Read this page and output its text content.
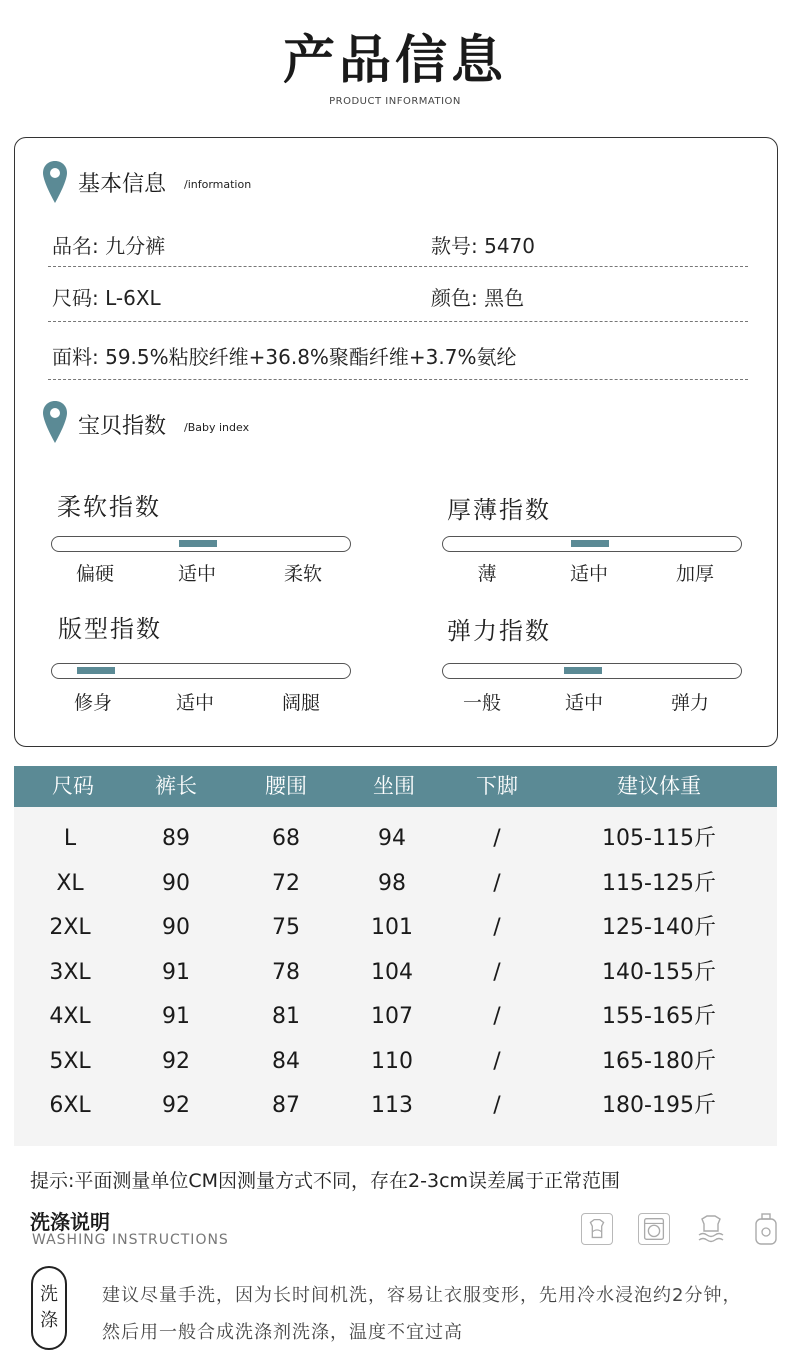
产品信息
PRODUCT INFORMATION
基本信息 /information
品名: 九分裤	款号: 5470
尺码: L-6XL	颜色: 黑色
面料: 59.5%粘胶纤维+36.8%聚酯纤维+3.7%氨纶
宝贝指数 /Baby index
柔软指数
偏硬	适中	柔软
厚薄指数
薄	适中	加厚
版型指数
修身	适中	阔腿
弹力指数
一般	适中	弹力
尺码	裤长	腰围	坐围	下脚	建议体重
L	89	68	94	/	105-115斤
XL	90	72	98	/	115-125斤
2XL	90	75	101	/	125-140斤
3XL	91	78	104	/	140-155斤
4XL	91	81	107	/	155-165斤
5XL	92	84	110	/	165-180斤
6XL	92	87	113	/	180-195斤
提示:平面测量单位CM因测量方式不同，存在2-3cm误差属于正常范围
洗涤说明
WASHING INSTRUCTIONS
洗
涤
建议尽量手洗，因为长时间机洗，容易让衣服变形，先用冷水浸泡约2分钟，
然后用一般合成洗涤剂洗涤，温度不宜过高
